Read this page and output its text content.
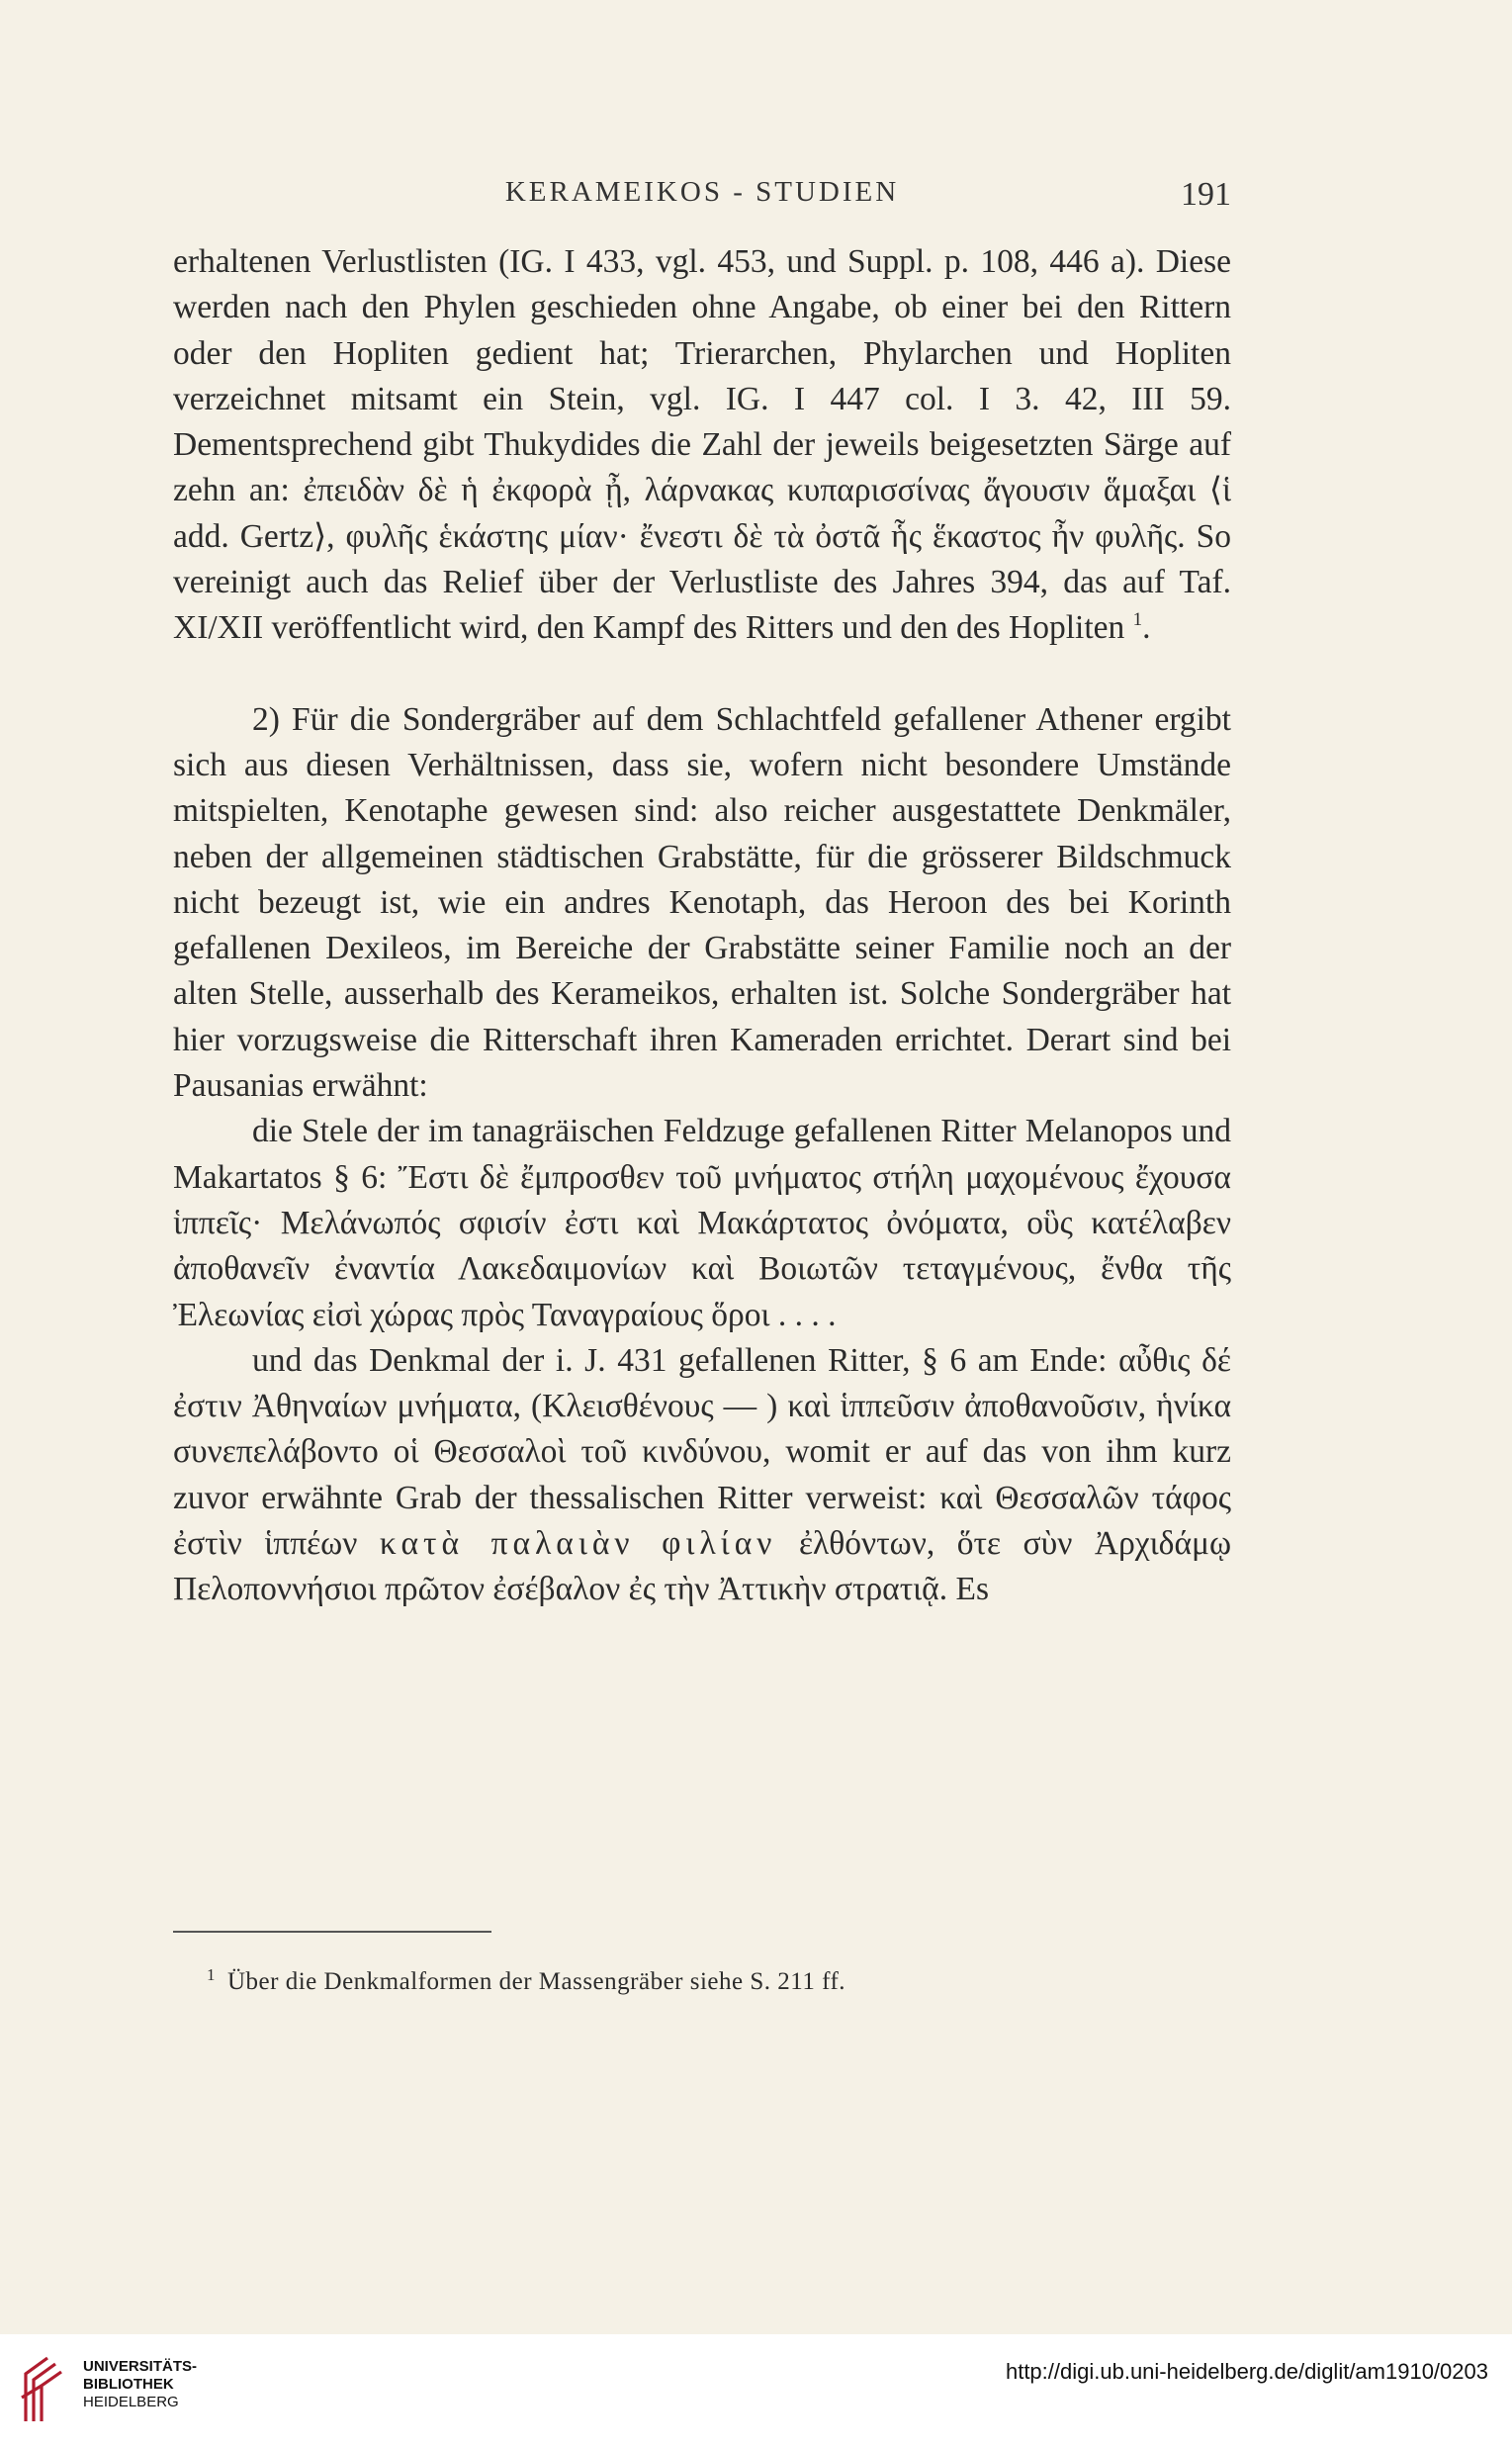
KERAMEIKOS - STUDIEN	191

erhaltenen Verlustlisten (IG. I 433, vgl. 453, und Suppl. p. 108, 446 a). Diese werden nach den Phylen geschieden ohne Angabe, ob einer bei den Rittern oder den Hopliten gedient hat; Trierarchen, Phylarchen und Hopliten verzeichnet mitsamt ein Stein, vgl. IG. I 447 col. I 3. 42, III 59. Dementsprechend gibt Thukydides die Zahl der jeweils beigesetzten Särge auf zehn an: ἐπειδὰν δὲ ἡ ἐκφορὰ ᾖ, λάρνακας κυπαρισσίνας ἄγουσιν ἅμαξαι ⟨ἱ add. Gertz⟩, φυλῆς ἑκάστης μίαν· ἔνεστι δὲ τὰ ὀστᾶ ἧς ἕκαστος ἦν φυλῆς. So vereinigt auch das Relief über der Verlustliste des Jahres 394, das auf Taf. XI/XII veröffentlicht wird, den Kampf des Ritters und den des Hopliten $^1$.

2) Für die Sondergräber auf dem Schlachtfeld gefallener Athener ergibt sich aus diesen Verhältnissen, dass sie, wofern nicht besondere Umstände mitspielten, Kenotaphe gewesen sind: also reicher ausgestattete Denkmäler, neben der allgemeinen städtischen Grabstätte, für die grösserer Bildschmuck nicht bezeugt ist, wie ein andres Kenotaph, das Heroon des bei Korinth gefallenen Dexileos, im Bereiche der Grabstätte seiner Familie noch an der alten Stelle, ausserhalb des Kerameikos, erhalten ist. Solche Sondergräber hat hier vorzugsweise die Ritterschaft ihren Kameraden errichtet. Derart sind bei Pausanias erwähnt:

die Stele der im tanagräischen Feldzuge gefallenen Ritter Melanopos und Makartatos § 6: Ἔστι δὲ ἔμπροσθεν τοῦ μνήματος στήλη μαχομένους ἔχουσα ἱππεῖς· Μελάνωπός σφισίν ἐστι καὶ Μακάρτατος ὀνόματα, οὓς κατέλαβεν ἀποθανεῖν ἐναντία Λακεδαιμονίων καὶ Βοιωτῶν τεταγμένους, ἔνθα τῆς Ἐλεωνίας εἰσὶ χώρας πρὸς Ταναγραίους ὅροι . . . .

und das Denkmal der i. J. 431 gefallenen Ritter, § 6 am Ende: αὖθις δέ ἐστιν Ἀθηναίων μνήματα, (Κλεισθένους — ) καὶ ἱππεῦσιν ἀποθανοῦσιν, ἡνίκα συνεπελάβοντο οἱ Θεσσαλοὶ τοῦ κινδύνου, womit er auf das von ihm kurz zuvor erwähnte Grab der thessalischen Ritter verweist: καὶ Θεσσαλῶν τάφος ἐστὶν ἱππέων κατὰ παλαιὰν φιλίαν ἐλθόντων, ὅτε σὺν Ἀρχιδάμῳ Πελοποννήσιοι πρῶτον ἐσέβαλον ἐς τὴν Ἀττικὴν στρατιᾷ. Es

$^1$ Über die Denkmalformen der Massengräber siehe S. 211 ff.
UNIVERSITÄTS-
BIBLIOTHEK
HEIDELBERG
http://digi.ub.uni-heidelberg.de/diglit/am1910/0203
